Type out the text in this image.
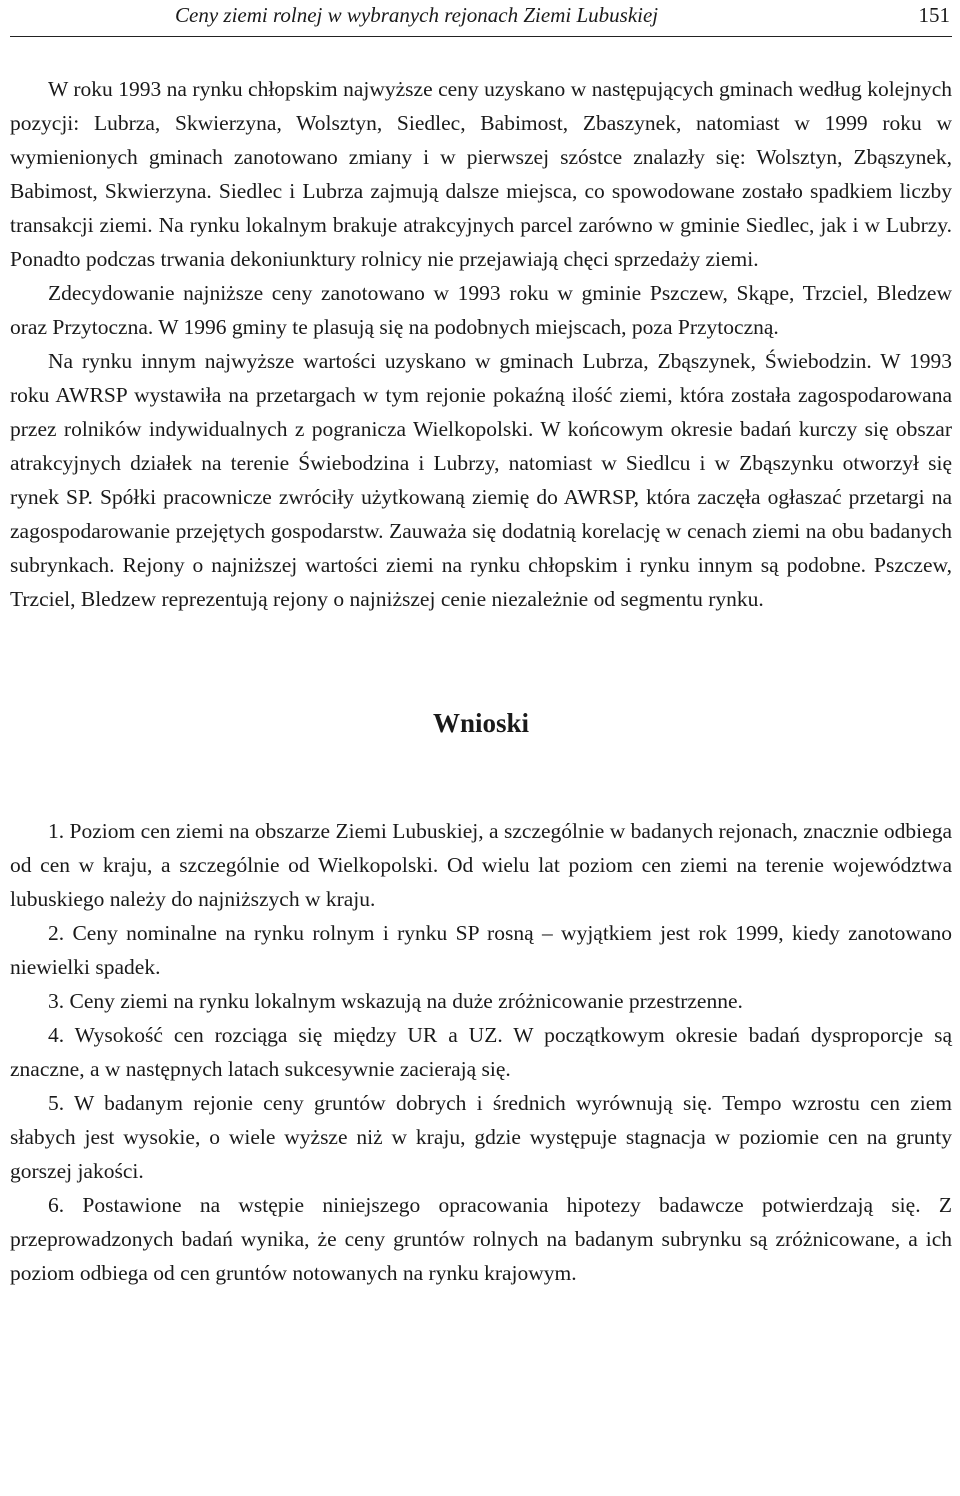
Ceny ziemi rolnej w wybranych rejonach Ziemi Lubuskiej	151

W roku 1993 na rynku chłopskim najwyższe ceny uzyskano w następujących gminach według kolejnych pozycji: Lubrza, Skwierzyna, Wolsztyn, Siedlec, Babimost, Zbaszynek, natomiast w 1999 roku w wymienionych gminach zanotowano zmiany i w pierwszej szóstce znalazły się: Wolsztyn, Zbąszynek, Babimost, Skwierzyna. Siedlec i Lubrza zajmują dalsze miejsca, co spowodowane zostało spadkiem liczby transakcji ziemi. Na rynku lokalnym brakuje atrakcyjnych parcel zarówno w gminie Siedlec, jak i w Lubrzy. Ponadto podczas trwania dekoniunktury rolnicy nie przejawiają chęci sprzedaży ziemi.

Zdecydowanie najniższe ceny zanotowano w 1993 roku w gminie Pszczew, Skąpe, Trzciel, Bledzew oraz Przytoczna. W 1996 gminy te plasują się na podobnych miejscach, poza Przytoczną.

Na rynku innym najwyższe wartości uzyskano w gminach Lubrza, Zbąszynek, Świebodzin. W 1993 roku AWRSP wystawiła na przetargach w tym rejonie pokaźną ilość ziemi, która została zagospodarowana przez rolników indywidualnych z pogranicza Wielkopolski. W końcowym okresie badań kurczy się obszar atrakcyjnych działek na terenie Świebodzina i Lubrzy, natomiast w Siedlcu i w Zbąszynku otworzył się rynek SP. Spółki pracownicze zwróciły użytkowaną ziemię do AWRSP, która zaczęła ogłaszać przetargi na zagospodarowanie przejętych gospodarstw. Zauważa się dodatnią korelację w cenach ziemi na obu badanych subrynkach. Rejony o najniższej wartości ziemi na rynku chłopskim i rynku innym są podobne. Pszczew, Trzciel, Bledzew reprezentują rejony o najniższej cenie niezależnie od segmentu rynku.

Wnioski

1. Poziom cen ziemi na obszarze Ziemi Lubuskiej, a szczególnie w badanych rejonach, znacznie odbiega od cen w kraju, a szczególnie od Wielkopolski. Od wielu lat poziom cen ziemi na terenie województwa lubuskiego należy do najniższych w kraju.

2. Ceny nominalne na rynku rolnym i rynku SP rosną – wyjątkiem jest rok 1999, kiedy zanotowano niewielki spadek.

3. Ceny ziemi na rynku lokalnym wskazują na duże zróżnicowanie przestrzenne.

4. Wysokość cen rozciąga się między UR a UZ. W początkowym okresie badań dysproporcje są znaczne, a w następnych latach sukcesywnie zacierają się.

5. W badanym rejonie ceny gruntów dobrych i średnich wyrównują się. Tempo wzrostu cen ziem słabych jest wysokie, o wiele wyższe niż w kraju, gdzie występuje stagnacja w poziomie cen na grunty gorszej jakości.

6. Postawione na wstępie niniejszego opracowania hipotezy badawcze potwierdzają się. Z przeprowadzonych badań wynika, że ceny gruntów rolnych na badanym subrynku są zróżnicowane, a ich poziom odbiega od cen gruntów notowanych na rynku krajowym.
